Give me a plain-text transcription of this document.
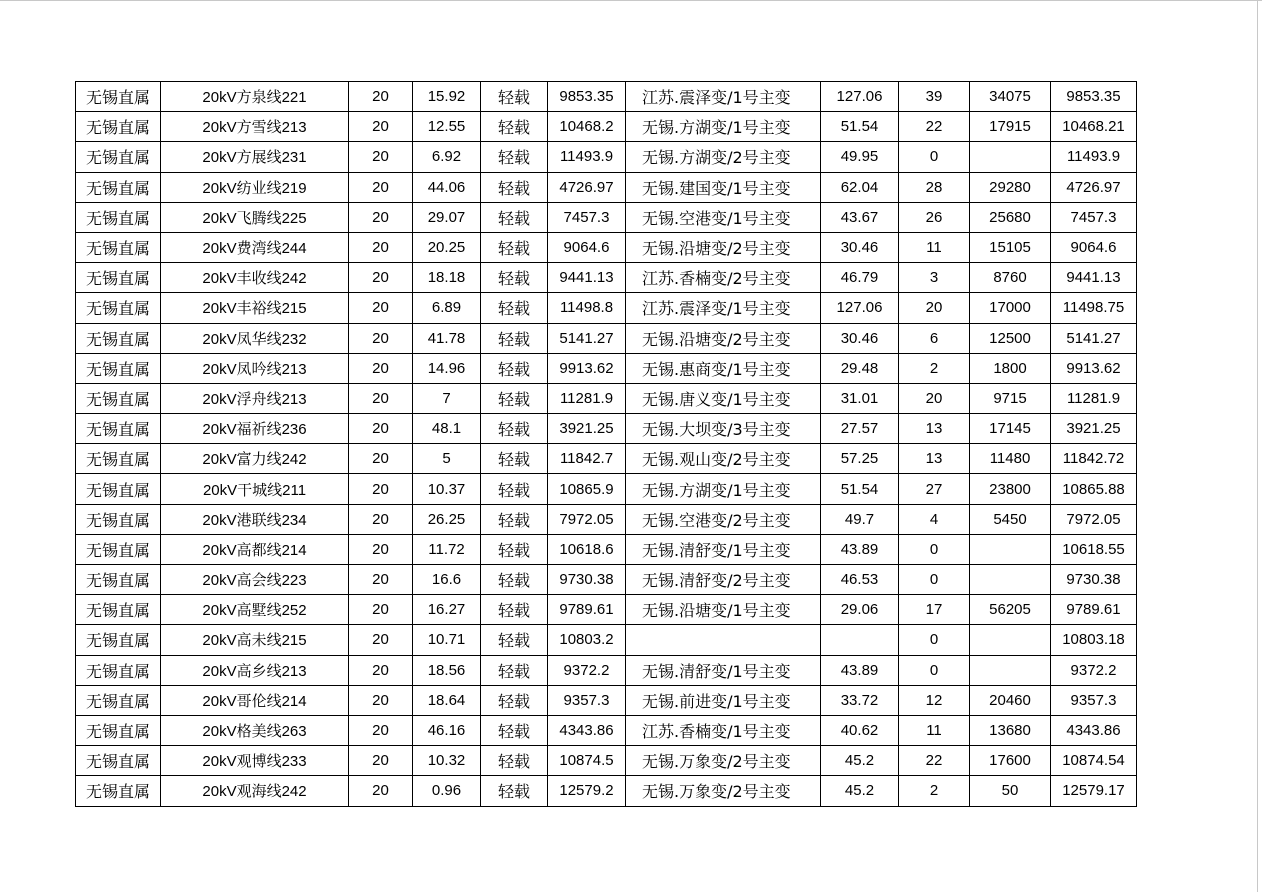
无锡直属	20kV方泉线221	20	15.92	轻载	9853.35	江苏.震泽变/1号主变	127.06	39	34075	9853.35
无锡直属	20kV方雪线213	20	12.55	轻载	10468.2	无锡.方湖变/1号主变	51.54	22	17915	10468.21
无锡直属	20kV方展线231	20	6.92	轻载	11493.9	无锡.方湖变/2号主变	49.95	0		11493.9
无锡直属	20kV纺业线219	20	44.06	轻载	4726.97	无锡.建国变/1号主变	62.04	28	29280	4726.97
无锡直属	20kV飞腾线225	20	29.07	轻载	7457.3	无锡.空港变/1号主变	43.67	26	25680	7457.3
无锡直属	20kV费湾线244	20	20.25	轻载	9064.6	无锡.沿塘变/2号主变	30.46	11	15105	9064.6
无锡直属	20kV丰收线242	20	18.18	轻载	9441.13	江苏.香楠变/2号主变	46.79	3	8760	9441.13
无锡直属	20kV丰裕线215	20	6.89	轻载	11498.8	江苏.震泽变/1号主变	127.06	20	17000	11498.75
无锡直属	20kV凤华线232	20	41.78	轻载	5141.27	无锡.沿塘变/2号主变	30.46	6	12500	5141.27
无锡直属	20kV凤吟线213	20	14.96	轻载	9913.62	无锡.惠商变/1号主变	29.48	2	1800	9913.62
无锡直属	20kV浮舟线213	20	7	轻载	11281.9	无锡.唐义变/1号主变	31.01	20	9715	11281.9
无锡直属	20kV福祈线236	20	48.1	轻载	3921.25	无锡.大坝变/3号主变	27.57	13	17145	3921.25
无锡直属	20kV富力线242	20	5	轻载	11842.7	无锡.观山变/2号主变	57.25	13	11480	11842.72
无锡直属	20kV干城线211	20	10.37	轻载	10865.9	无锡.方湖变/1号主变	51.54	27	23800	10865.88
无锡直属	20kV港联线234	20	26.25	轻载	7972.05	无锡.空港变/2号主变	49.7	4	5450	7972.05
无锡直属	20kV高都线214	20	11.72	轻载	10618.6	无锡.清舒变/1号主变	43.89	0		10618.55
无锡直属	20kV高会线223	20	16.6	轻载	9730.38	无锡.清舒变/2号主变	46.53	0		9730.38
无锡直属	20kV高墅线252	20	16.27	轻载	9789.61	无锡.沿塘变/1号主变	29.06	17	56205	9789.61
无锡直属	20kV高未线215	20	10.71	轻载	10803.2			0		10803.18
无锡直属	20kV高乡线213	20	18.56	轻载	9372.2	无锡.清舒变/1号主变	43.89	0		9372.2
无锡直属	20kV哥伦线214	20	18.64	轻载	9357.3	无锡.前进变/1号主变	33.72	12	20460	9357.3
无锡直属	20kV格美线263	20	46.16	轻载	4343.86	江苏.香楠变/1号主变	40.62	11	13680	4343.86
无锡直属	20kV观博线233	20	10.32	轻载	10874.5	无锡.万象变/2号主变	45.2	22	17600	10874.54
无锡直属	20kV观海线242	20	0.96	轻载	12579.2	无锡.万象变/2号主变	45.2	2	50	12579.17
